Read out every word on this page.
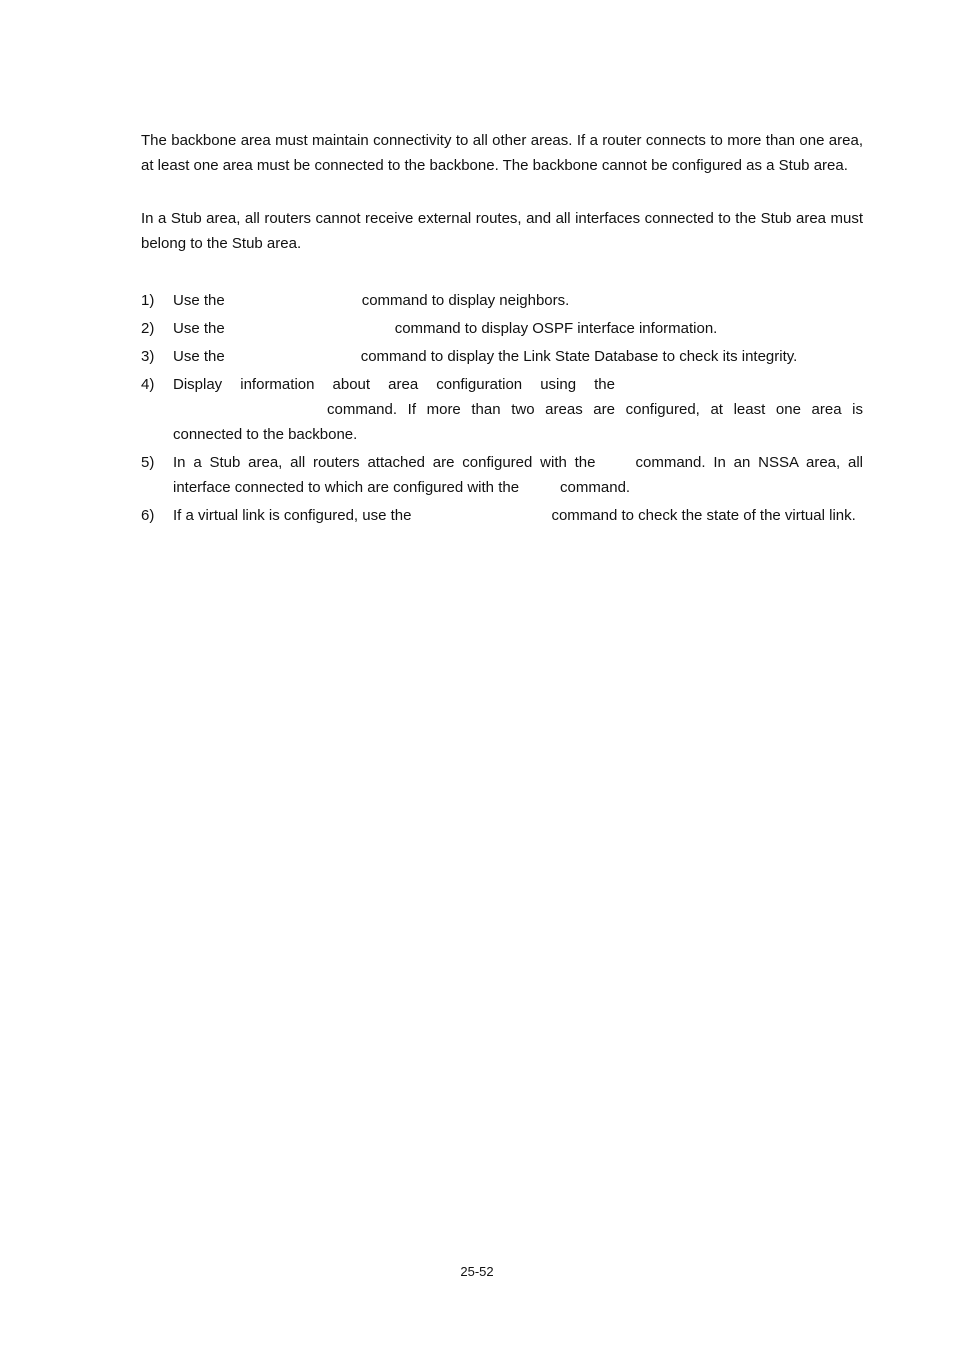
The backbone area must maintain connectivity to all other areas. If a router connects to more than one area, at least one area must be connected to the backbone. The backbone cannot be configured as a Stub area.

In a Stub area, all routers cannot receive external routes, and all interfaces connected to the Stub area must belong to the Stub area.

1) Use the	command to display neighbors.
2) Use the	command to display OSPF interface information.
3) Use the	command to display the Link State Database to check its integrity.
4) Display information about area configuration using the
command. If more than two areas are configured, at least one area is
connected to the backbone.
5) In a Stub area, all routers attached are configured with the	command. In an NSSA area, all interface connected to which are configured with the	command.
6) If a virtual link is configured, use the	command to check the state of the virtual link.
25-52
